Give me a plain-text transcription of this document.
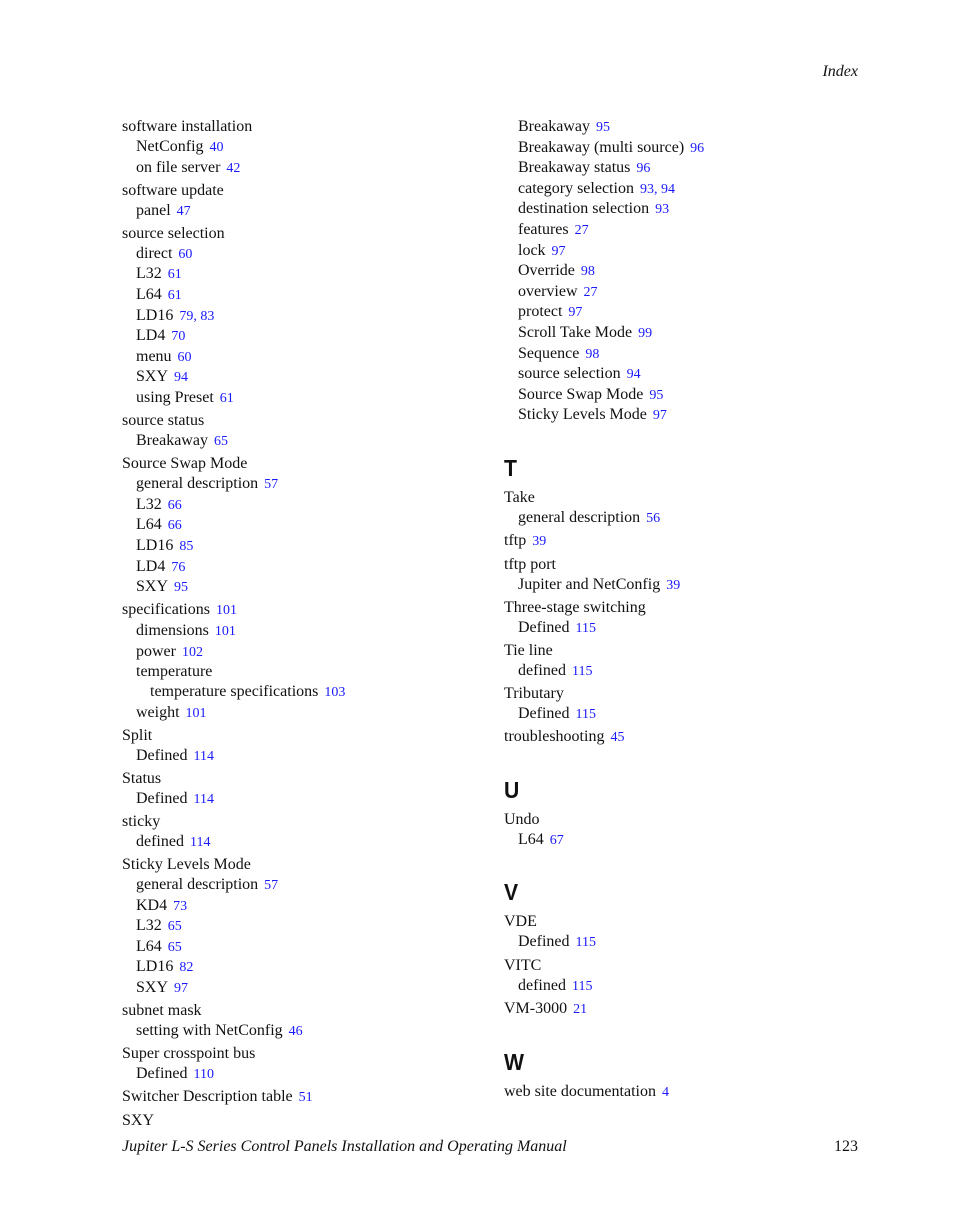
Index
software installation
NetConfig 40
on file server 42
software update
panel 47
source selection
direct 60
L32 61
L64 61
LD16 79, 83
LD4 70
menu 60
SXY 94
using Preset 61
source status
Breakaway 65
Source Swap Mode
general description 57
L32 66
L64 66
LD16 85
LD4 76
SXY 95
specifications 101
dimensions 101
power 102
temperature
temperature specifications 103
weight 101
Split
Defined 114
Status
Defined 114
sticky
defined 114
Sticky Levels Mode
general description 57
KD4 73
L32 65
L64 65
LD16 82
SXY 97
subnet mask
setting with NetConfig 46
Super crosspoint bus
Defined 110
Switcher Description table 51
SXY
Breakaway 95
Breakaway (multi source) 96
Breakaway status 96
category selection 93, 94
destination selection 93
features 27
lock 97
Override 98
overview 27
protect 97
Scroll Take Mode 99
Sequence 98
source selection 94
Source Swap Mode 95
Sticky Levels Mode 97
T
Take
general description 56
tftp 39
tftp port
Jupiter and NetConfig 39
Three-stage switching
Defined 115
Tie line
defined 115
Tributary
Defined 115
troubleshooting 45
U
Undo
L64 67
V
VDE
Defined 115
VITC
defined 115
VM-3000 21
W
web site documentation 4
Jupiter L-S Series Control Panels Installation and Operating Manual	123
